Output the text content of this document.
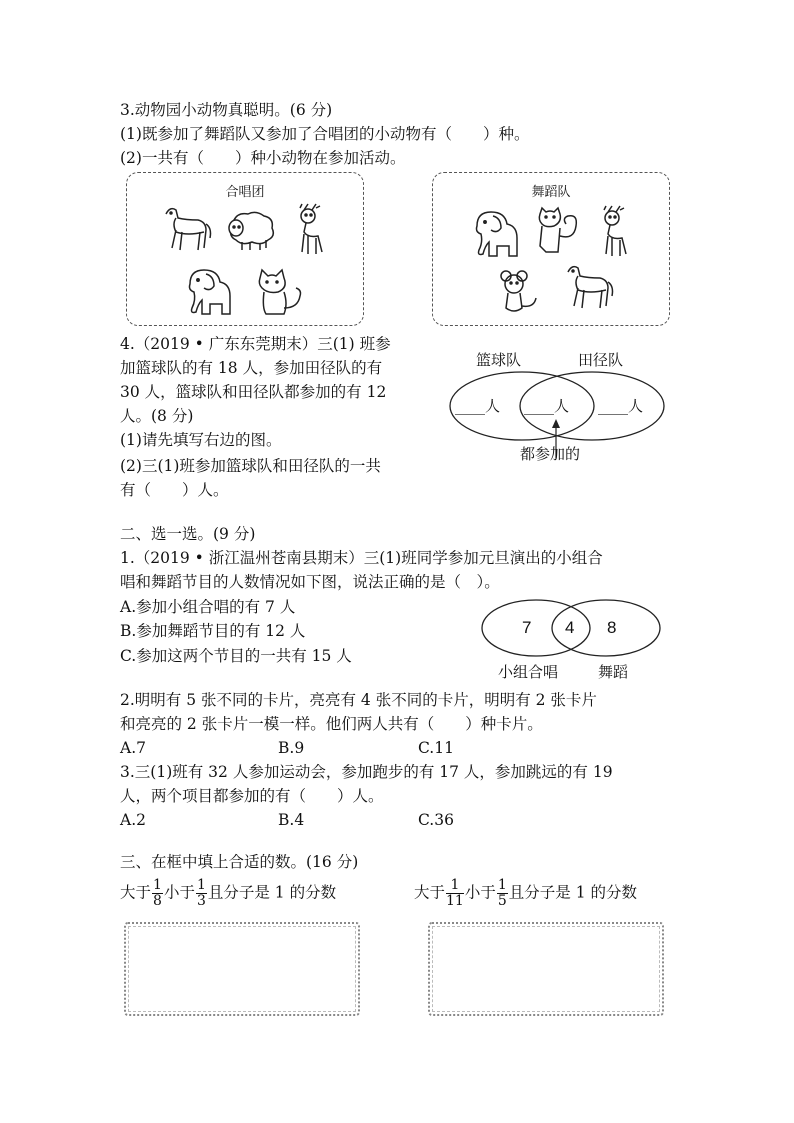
3.动物园小动物真聪明。(6 分)
(1)既参加了舞蹈队又参加了合唱团的小动物有（　　）种。
(2)一共有（　　）种小动物在参加活动。
合唱团	舞蹈队
4.（2019 • 广东东莞期末）三(1) 班参
加篮球队的有 18 人，参加田径队的有
30 人，篮球队和田径队都参加的有 12
人。(8 分)
(1)请先填写右边的图。
(2)三(1)班参加篮球队和田径队的一共
有（　　）人。
篮球队	田径队
____人 ____人 ____人
都参加的
二、选一选。(9 分)
1.（2019 • 浙江温州苍南县期末）三(1)班同学参加元旦演出的小组合
唱和舞蹈节目的人数情况如下图，说法正确的是（　）。
A.参加小组合唱的有 7 人
B.参加舞蹈节目的有 12 人
C.参加这两个节目的一共有 15 人
7 4 8
小组合唱	舞蹈
2.明明有 5 张不同的卡片，亮亮有 4 张不同的卡片，明明有 2 张卡片
和亮亮的 2 张卡片一模一样。他们两人共有（　　）种卡片。
A.7	B.9	C.11
3.三(1)班有 32 人参加运动会，参加跑步的有 17 人，参加跳远的有 19
人，两个项目都参加的有（　　）人。
A.2	B.4	C.36
三、在框中填上合适的数。(16 分)
大于 $\frac{1}{8}$ 小于 $\frac{1}{3}$ 且分子是 1 的分数	大于 $\frac{1}{11}$ 小于 $\frac{1}{5}$ 且分子是 1 的分数
